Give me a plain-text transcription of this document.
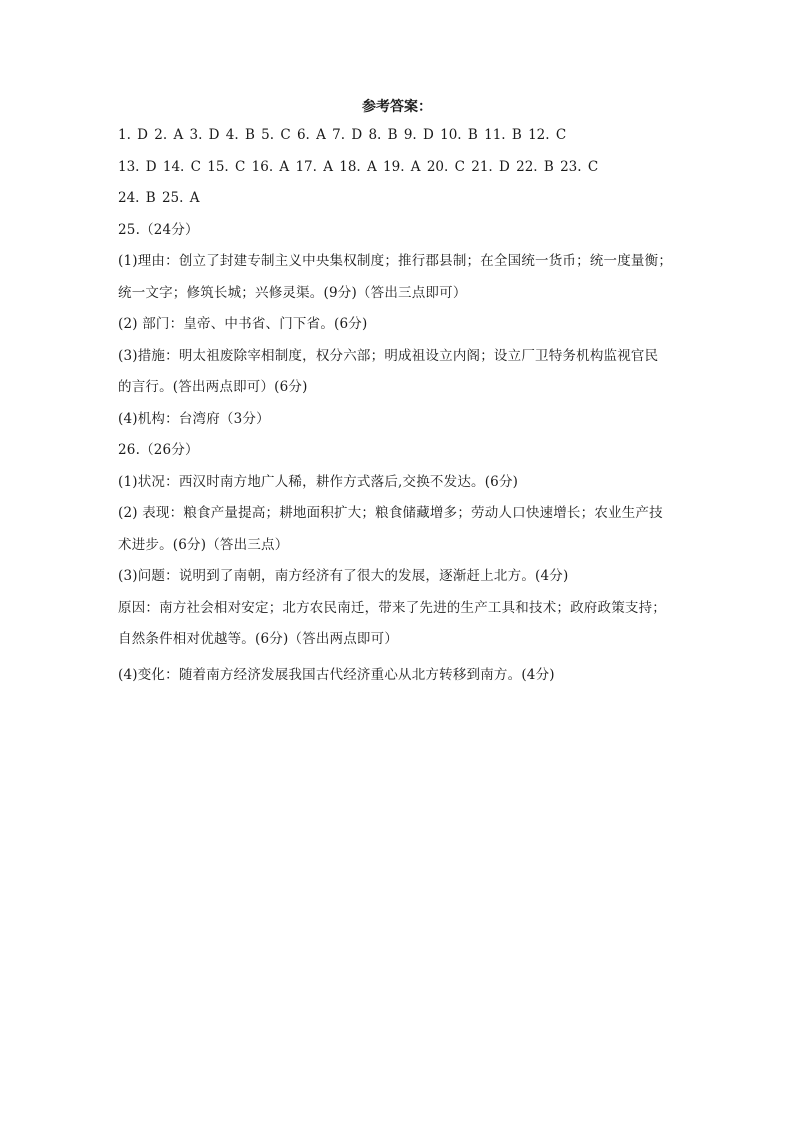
参考答案：
1. D 2. A 3. D 4. B 5. C 6. A 7. D 8. B 9. D 10. B 11. B 12. C
13. D 14. C 15. C 16. A 17. A 18. A 19. A 20. C 21. D 22. B 23. C
24. B 25. A
25.（24分）
(1)理由：创立了封建专制主义中央集权制度；推行郡县制；在全国统一货币；统一度量衡；
统一文字；修筑长城；兴修灵渠。(9分)（答出三点即可）
(2) 部门：皇帝、中书省、门下省。(6分)
(3)措施：明太祖废除宰相制度，权分六部；明成祖设立内阁；设立厂卫特务机构监视官民
的言行。(答出两点即可）(6分)
(4)机构：台湾府（3分）
26.（26分）
(1)状况：西汉时南方地广人稀，耕作方式落后,交换不发达。(6分)
(2) 表现：粮食产量提高；耕地面积扩大；粮食储藏增多；劳动人口快速增长；农业生产技
术进步。(6分)（答出三点）
(3)问题：说明到了南朝，南方经济有了很大的发展，逐渐赶上北方。(4分)
原因：南方社会相对安定；北方农民南迁，带来了先进的生产工具和技术；政府政策支持；
自然条件相对优越等。(6分)（答出两点即可）
(4)变化：随着南方经济发展我国古代经济重心从北方转移到南方。(4分)
